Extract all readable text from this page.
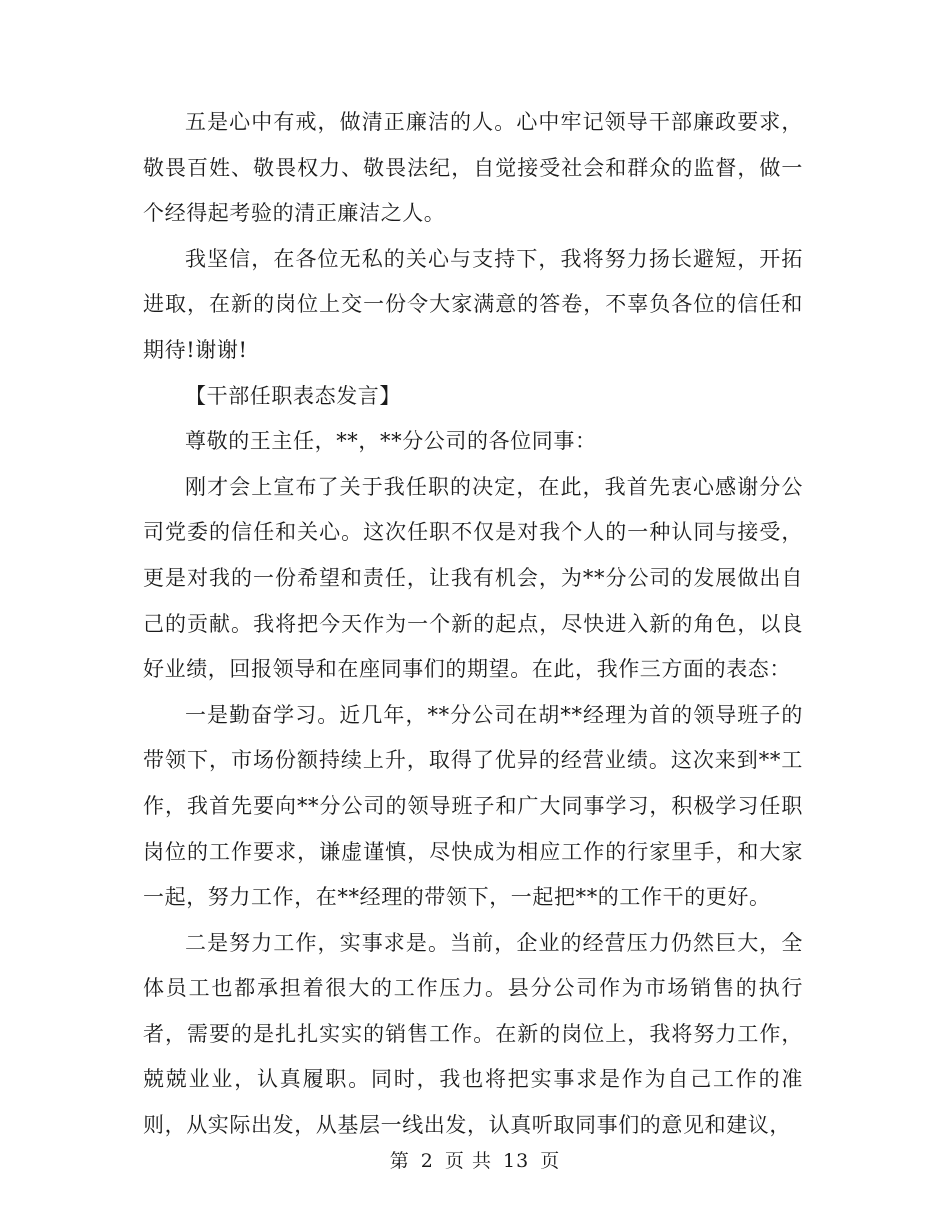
五是心中有戒，做清正廉洁的人。心中牢记领导干部廉政要求，敬畏百姓、敬畏权力、敬畏法纪，自觉接受社会和群众的监督，做一个经得起考验的清正廉洁之人。

我坚信，在各位无私的关心与支持下，我将努力扬长避短，开拓进取，在新的岗位上交一份令大家满意的答卷，不辜负各位的信任和期待!谢谢!

【干部任职表态发言】

尊敬的王主任，**，**分公司的各位同事：

刚才会上宣布了关于我任职的决定，在此，我首先衷心感谢分公司党委的信任和关心。这次任职不仅是对我个人的一种认同与接受，更是对我的一份希望和责任，让我有机会，为**分公司的发展做出自己的贡献。我将把今天作为一个新的起点，尽快进入新的角色，以良好业绩，回报领导和在座同事们的期望。在此，我作三方面的表态：

一是勤奋学习。近几年，**分公司在胡**经理为首的领导班子的带领下，市场份额持续上升，取得了优异的经营业绩。这次来到**工作，我首先要向**分公司的领导班子和广大同事学习，积极学习任职岗位的工作要求，谦虚谨慎，尽快成为相应工作的行家里手，和大家一起，努力工作，在**经理的带领下，一起把**的工作干的更好。

二是努力工作，实事求是。当前，企业的经营压力仍然巨大，全体员工也都承担着很大的工作压力。县分公司作为市场销售的执行者，需要的是扎扎实实的销售工作。在新的岗位上，我将努力工作，兢兢业业，认真履职。同时，我也将把实事求是作为自己工作的准则，从实际出发，从基层一线出发，认真听取同事们的意见和建议，

第 2 页 共 13 页
